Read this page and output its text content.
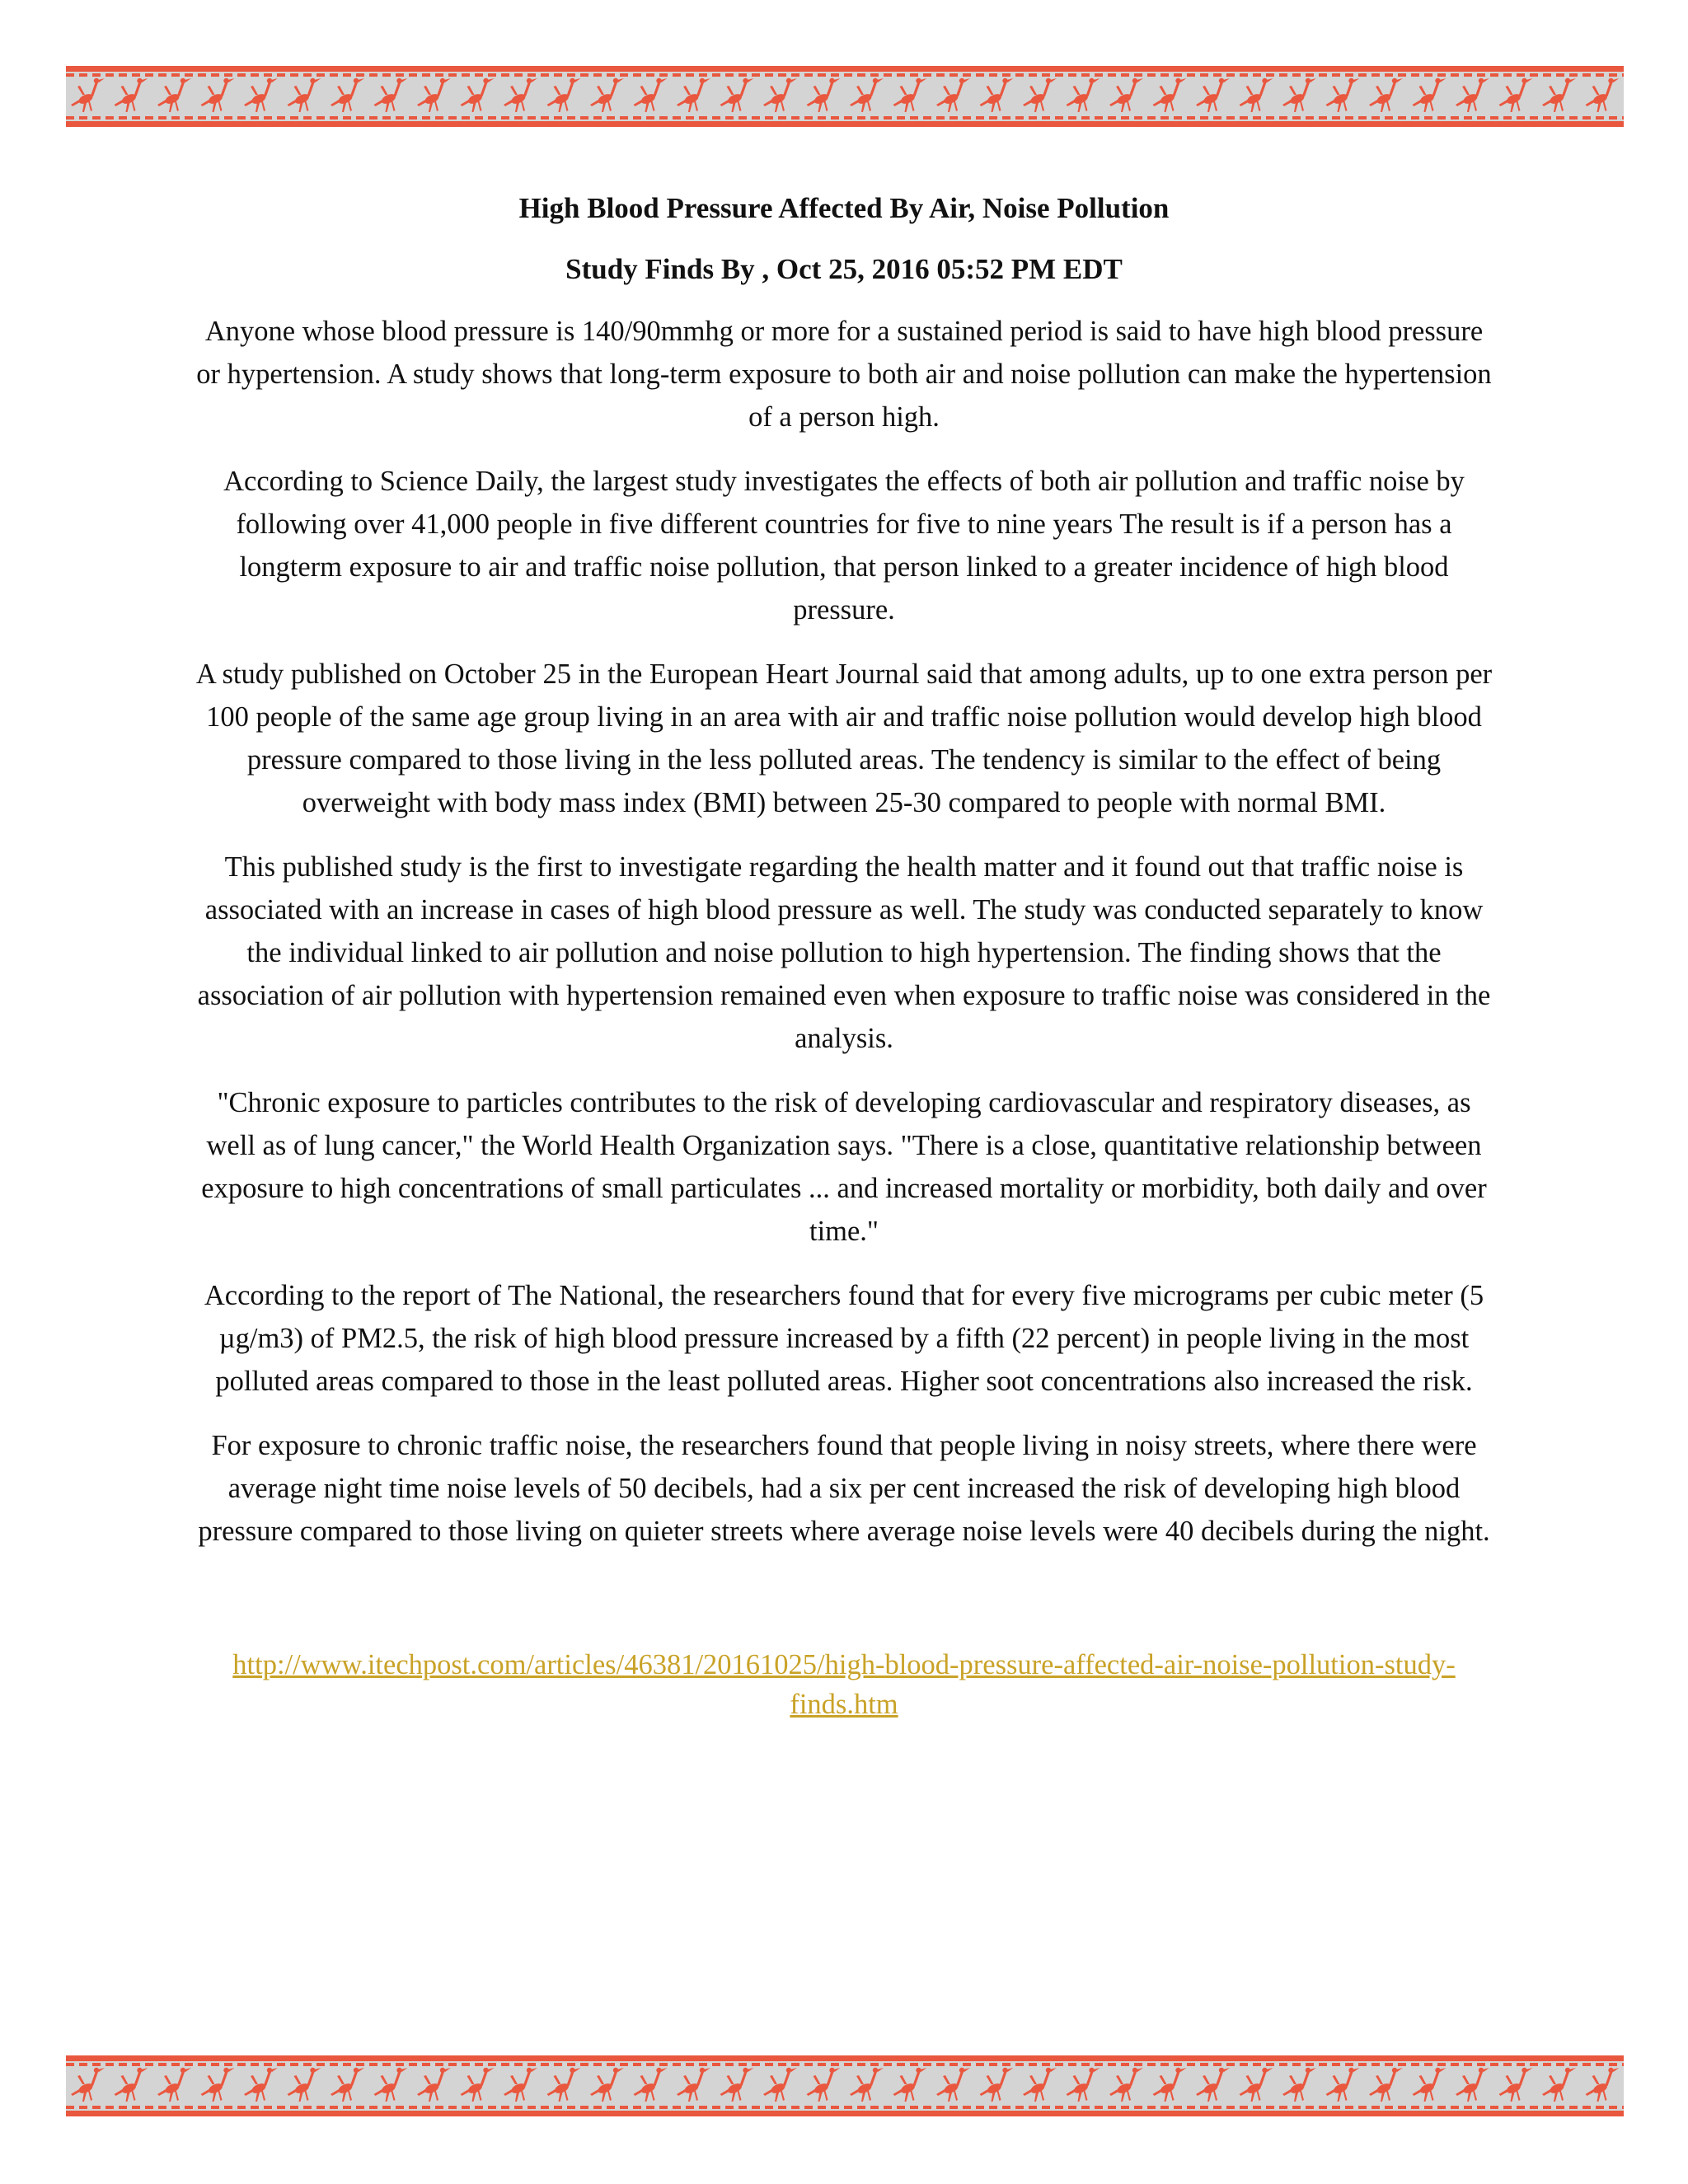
High Blood Pressure Affected By Air, Noise Pollution
Study Finds By , Oct 25, 2016 05:52 PM EDT

Anyone whose blood pressure is 140/90mmhg or more for a sustained period is said to have high blood pressure or hypertension. A study shows that long-term exposure to both air and noise pollution can make the hypertension of a person high.

According to Science Daily, the largest study investigates the effects of both air pollution and traffic noise by following over 41,000 people in five different countries for five to nine years The result is if a person has a longterm exposure to air and traffic noise pollution, that person linked to a greater incidence of high blood pressure.

A study published on October 25 in the European Heart Journal said that among adults, up to one extra person per 100 people of the same age group living in an area with air and traffic noise pollution would develop high blood pressure compared to those living in the less polluted areas. The tendency is similar to the effect of being overweight with body mass index (BMI) between 25-30 compared to people with normal BMI.

This published study is the first to investigate regarding the health matter and it found out that traffic noise is associated with an increase in cases of high blood pressure as well. The study was conducted separately to know the individual linked to air pollution and noise pollution to high hypertension. The finding shows that the association of air pollution with hypertension remained even when exposure to traffic noise was considered in the analysis.

"Chronic exposure to particles contributes to the risk of developing cardiovascular and respiratory diseases, as well as of lung cancer," the World Health Organization says. "There is a close, quantitative relationship between exposure to high concentrations of small particulates ... and increased mortality or morbidity, both daily and over time."

According to the report of The National, the researchers found that for every five micrograms per cubic meter (5 µg/m3) of PM2.5, the risk of high blood pressure increased by a fifth (22 percent) in people living in the most polluted areas compared to those in the least polluted areas. Higher soot concentrations also increased the risk.

For exposure to chronic traffic noise, the researchers found that people living in noisy streets, where there were average night time noise levels of 50 decibels, had a six per cent increased the risk of developing high blood pressure compared to those living on quieter streets where average noise levels were 40 decibels during the night.

http://www.itechpost.com/articles/46381/20161025/high-blood-pressure-affected-air-noise-pollution-study-finds.htm
